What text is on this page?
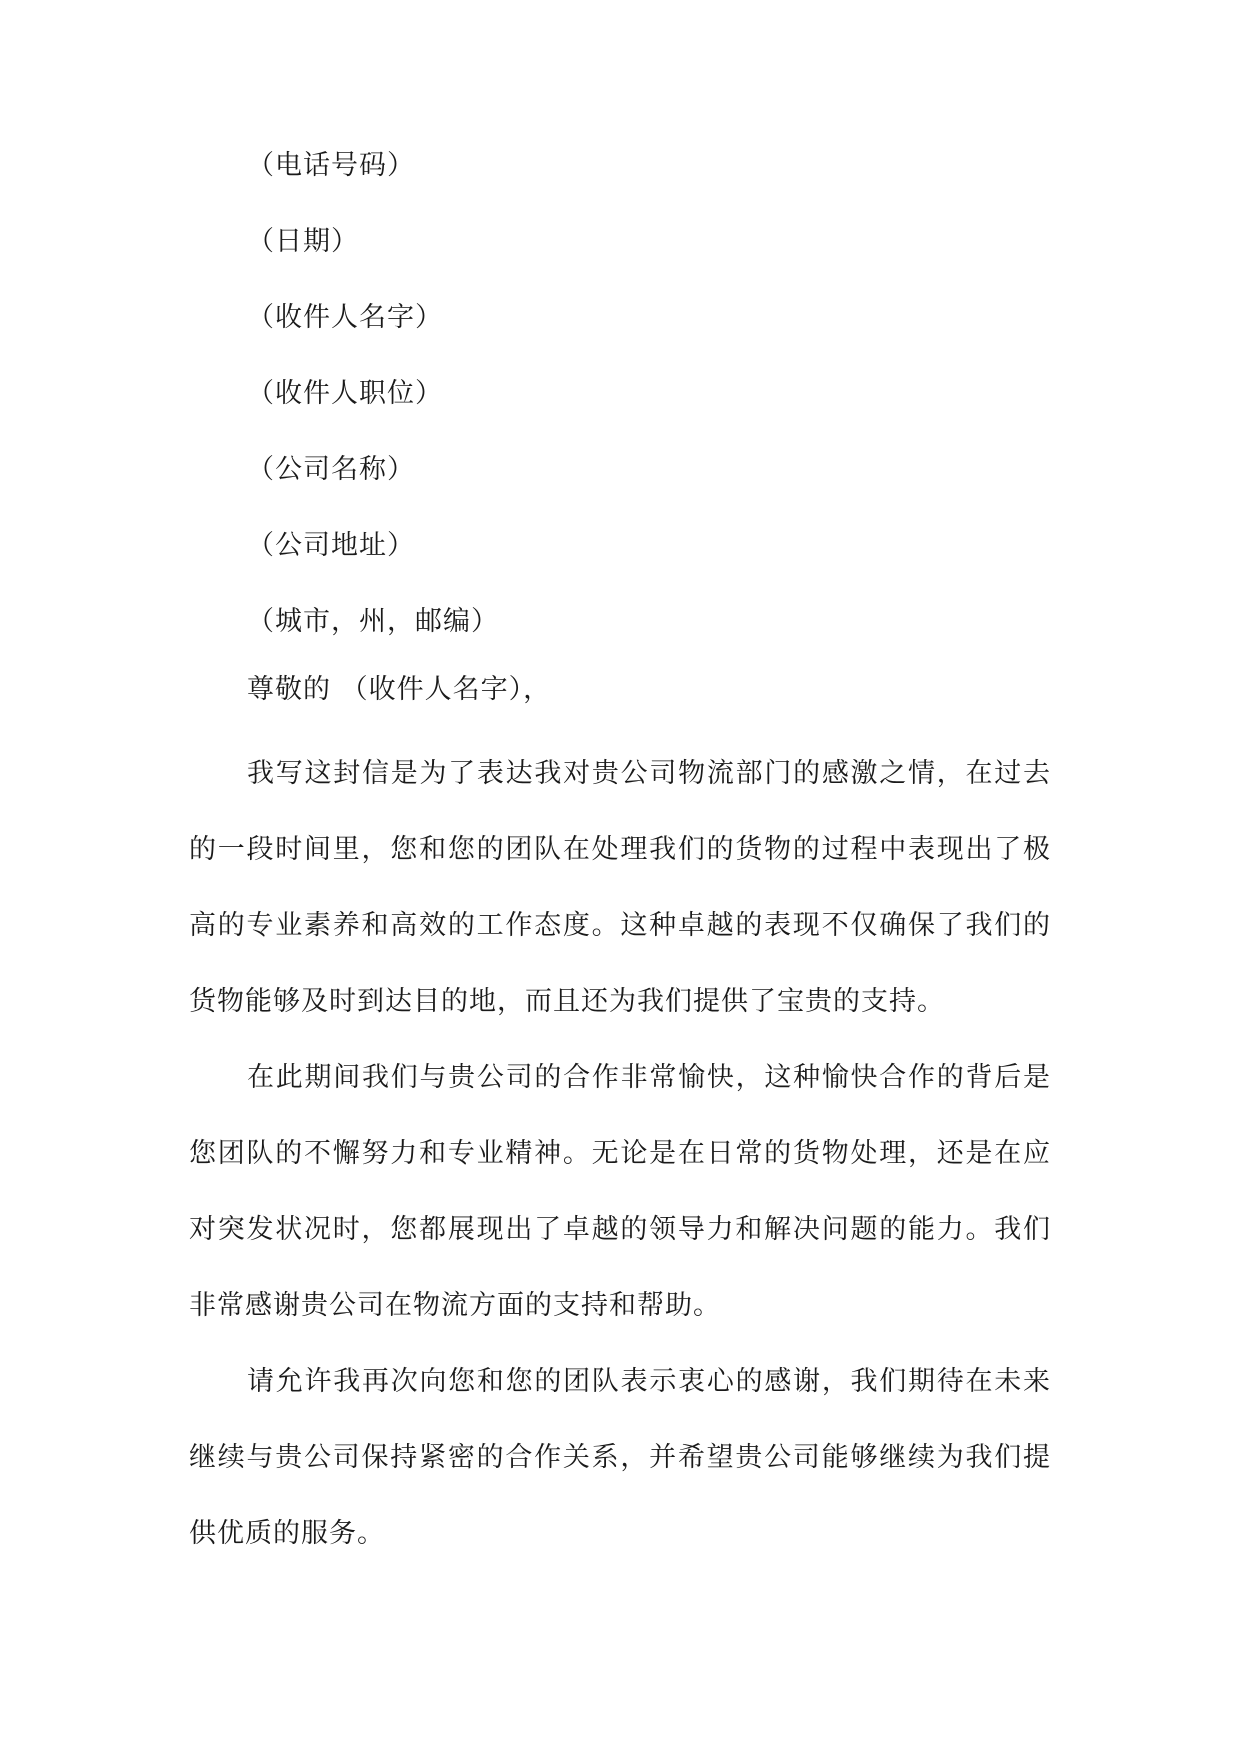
（电话号码）
（日期）
（收件人名字）
（收件人职位）
（公司名称）
（公司地址）
（城市，州，邮编）
尊敬的 （收件人名字），

我写这封信是为了表达我对贵公司物流部门的感激之情，在过去的一段时间里，您和您的团队在处理我们的货物的过程中表现出了极高的专业素养和高效的工作态度。这种卓越的表现不仅确保了我们的货物能够及时到达目的地，而且还为我们提供了宝贵的支持。

在此期间我们与贵公司的合作非常愉快，这种愉快合作的背后是您团队的不懈努力和专业精神。无论是在日常的货物处理，还是在应对突发状况时，您都展现出了卓越的领导力和解决问题的能力。我们非常感谢贵公司在物流方面的支持和帮助。

请允许我再次向您和您的团队表示衷心的感谢，我们期待在未来继续与贵公司保持紧密的合作关系，并希望贵公司能够继续为我们提供优质的服务。
